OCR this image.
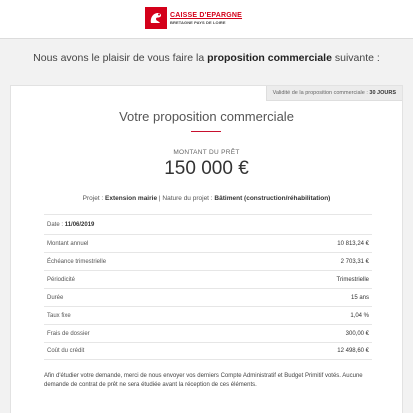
CAISSE D'EPARGNE
BRETAGNE PAYS DE LOIRE
Nous avons le plaisir de vous faire la proposition commerciale suivante :
Validité de la proposition commerciale : 30 JOURS
Votre proposition commerciale
MONTANT DU PRÊT
150 000 €
Projet : Extension mairie | Nature du projet : Bâtiment (construction/réhabilitation)
Date : 11/06/2019
Montant annuel	10 813,24 €
Échéance trimestrielle	2 703,31 €
Périodicité	Trimestrielle
Durée	15 ans
Taux fixe	1,04 %
Frais de dossier	300,00 €
Coût du crédit	12 498,60 €

Afin d'étudier votre demande, merci de nous envoyer vos derniers Compte Administratif et Budget Primitif votés. Aucune demande de contrat de prêt ne sera étudiée avant la réception de ces éléments.
